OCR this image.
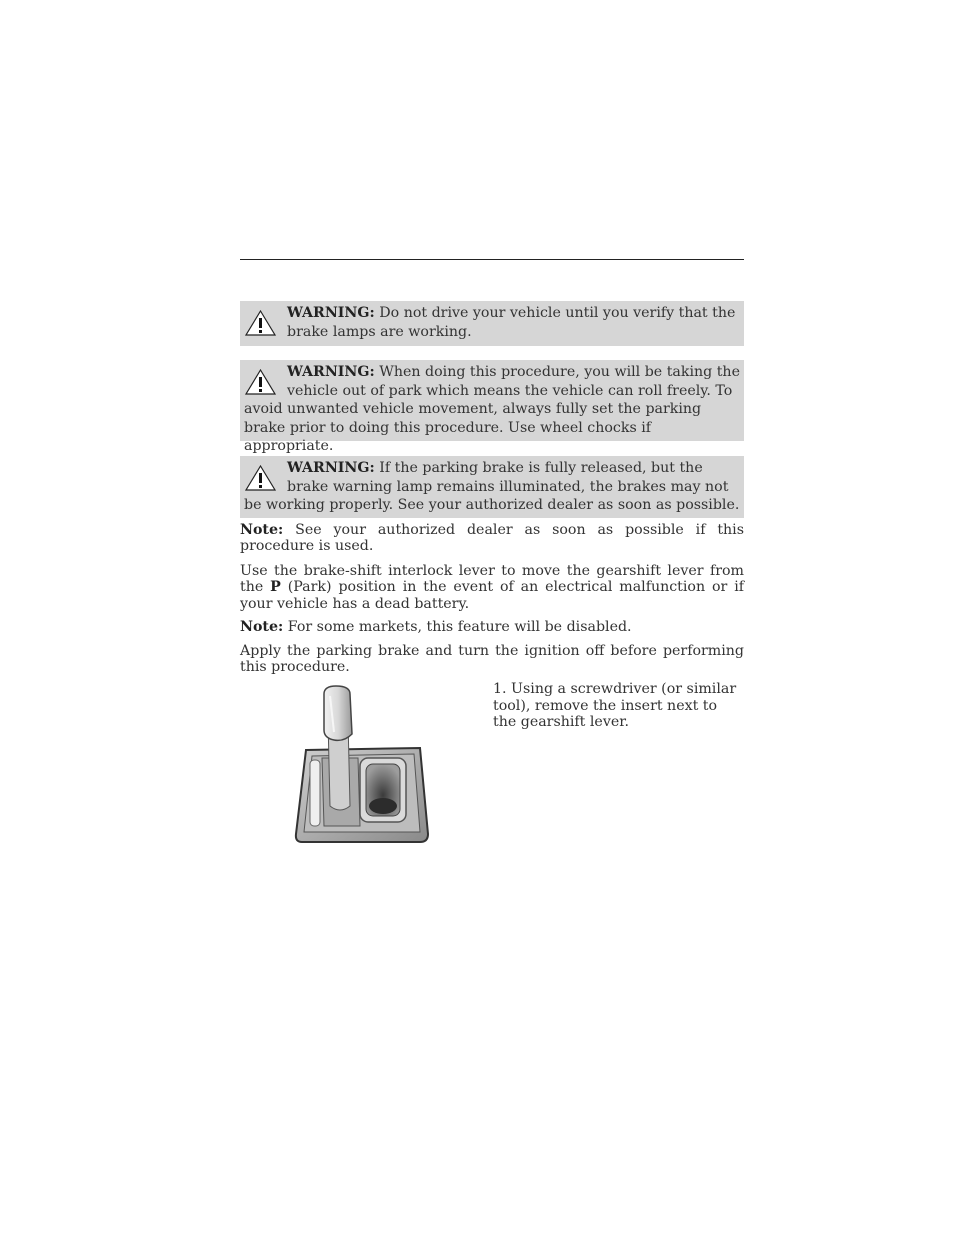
WARNING: Do not drive your vehicle until you verify that the brake lamps are working.
WARNING: When doing this procedure, you will be taking the vehicle out of park which means the vehicle can roll freely. To avoid unwanted vehicle movement, always fully set the parking brake prior to doing this procedure. Use wheel chocks if appropriate.
WARNING: If the parking brake is fully released, but the brake warning lamp remains illuminated, the brakes may not be working properly. See your authorized dealer as soon as possible.

Note: See your authorized dealer as soon as possible if this procedure is used.

Use the brake-shift interlock lever to move the gearshift lever from the P (Park) position in the event of an electrical malfunction or if your vehicle has a dead battery.

Note: For some markets, this feature will be disabled.

Apply the parking brake and turn the ignition off before performing this procedure.

1. Using a screwdriver (or similar tool), remove the insert next to the gearshift lever.
